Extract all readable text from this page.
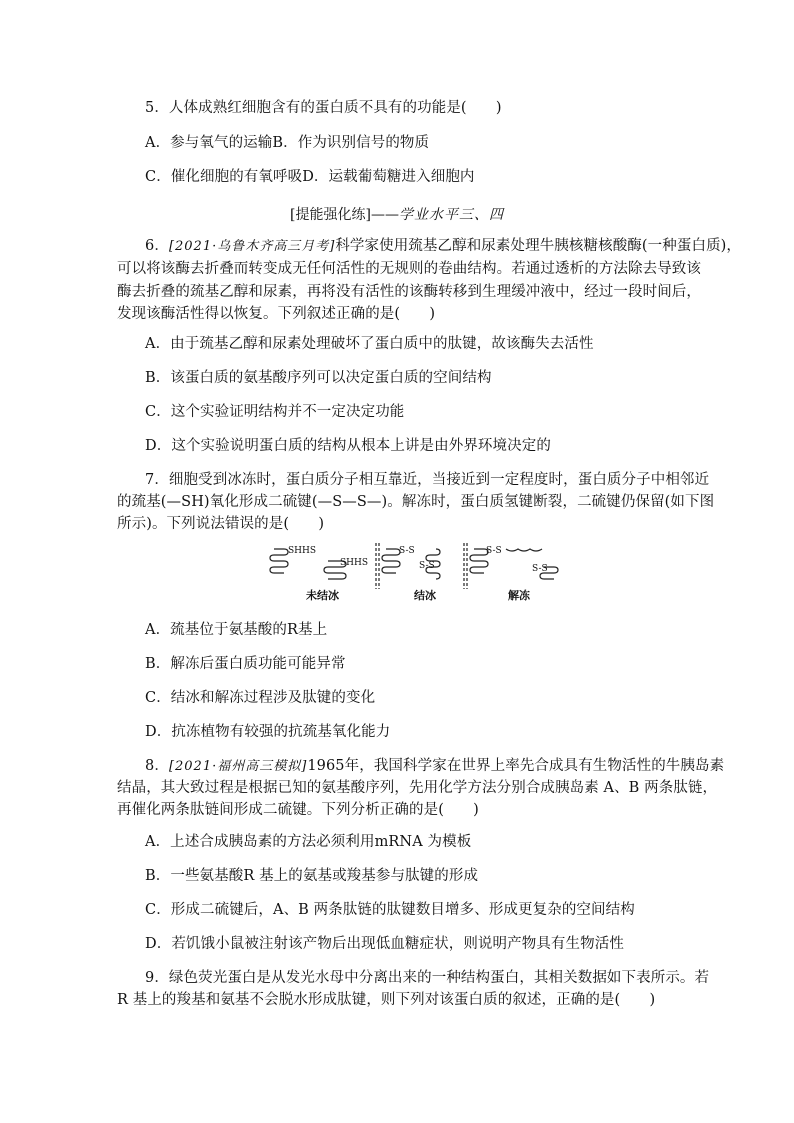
5．人体成熟红细胞含有的蛋白质不具有的功能是(　　)
A．参与氧气的运输B．作为识别信号的物质
C．催化细胞的有氧呼吸D．运载葡萄糖进入细胞内
[提能强化练]——学业水平三、四
6．[2021·乌鲁木齐高三月考]科学家使用巯基乙醇和尿素处理牛胰核糖核酸酶(一种蛋白质)，
可以将该酶去折叠而转变成无任何活性的无规则的卷曲结构。若通过透析的方法除去导致该
酶去折叠的巯基乙醇和尿素，再将没有活性的该酶转移到生理缓冲液中，经过一段时间后，
发现该酶活性得以恢复。下列叙述正确的是(　　)
A．由于巯基乙醇和尿素处理破坏了蛋白质中的肽键，故该酶失去活性
B．该蛋白质的氨基酸序列可以决定蛋白质的空间结构
C．这个实验证明结构并不一定决定功能
D．这个实验说明蛋白质的结构从根本上讲是由外界环境决定的
7．细胞受到冰冻时，蛋白质分子相互靠近，当接近到一定程度时，蛋白质分子中相邻近
的巯基(—SH)氧化形成二硫键(—S—S—)。解冻时，蛋白质氢键断裂，二硫键仍保留(如下图
所示)。下列说法错误的是(　　)
SHHS
SHHS
S-S
S-S
S-S
S-S
未结冰	结冰	解冻
A．巯基位于氨基酸的R基上
B．解冻后蛋白质功能可能异常
C．结冰和解冻过程涉及肽键的变化
D．抗冻植物有较强的抗巯基氧化能力
8．[2021·福州高三模拟]1965年，我国科学家在世界上率先合成具有生物活性的牛胰岛素
结晶，其大致过程是根据已知的氨基酸序列，先用化学方法分别合成胰岛素 A、B 两条肽链，
再催化两条肽链间形成二硫键。下列分析正确的是(　　)
A．上述合成胰岛素的方法必须利用mRNA 为模板
B．一些氨基酸R 基上的氨基或羧基参与肽键的形成
C．形成二硫键后，A、B 两条肽链的肽键数目增多、形成更复杂的空间结构
D．若饥饿小鼠被注射该产物后出现低血糖症状，则说明产物具有生物活性
9．绿色荧光蛋白是从发光水母中分离出来的一种结构蛋白，其相关数据如下表所示。若
R 基上的羧基和氨基不会脱水形成肽键，则下列对该蛋白质的叙述，正确的是(　　)
